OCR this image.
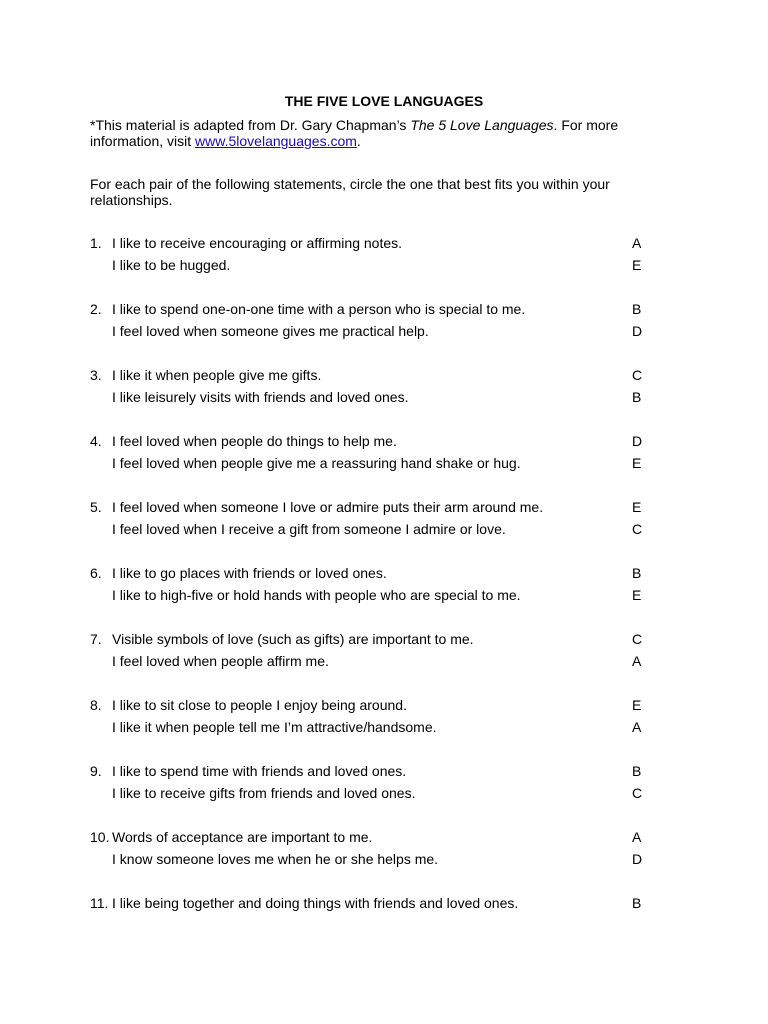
THE FIVE LOVE LANGUAGES
*This material is adapted from Dr. Gary Chapman’s The 5 Love Languages. For more information, visit www.5lovelanguages.com.
For each pair of the following statements, circle the one that best fits you within your relationships.
1. I like to receive encouraging or affirming notes.	A
I like to be hugged.	E
2. I like to spend one-on-one time with a person who is special to me.	B
I feel loved when someone gives me practical help.	D
3. I like it when people give me gifts.	C
I like leisurely visits with friends and loved ones.	B
4. I feel loved when people do things to help me.	D
I feel loved when people give me a reassuring hand shake or hug.	E
5. I feel loved when someone I love or admire puts their arm around me.	E
I feel loved when I receive a gift from someone I admire or love.	C
6. I like to go places with friends or loved ones.	B
I like to high-five or hold hands with people who are special to me.	E
7. Visible symbols of love (such as gifts) are important to me.	C
I feel loved when people affirm me.	A
8. I like to sit close to people I enjoy being around.	E
I like it when people tell me I’m attractive/handsome.	A
9. I like to spend time with friends and loved ones.	B
I like to receive gifts from friends and loved ones.	C
10. Words of acceptance are important to me.	A
I know someone loves me when he or she helps me.	D
11. I like being together and doing things with friends and loved ones.	B
